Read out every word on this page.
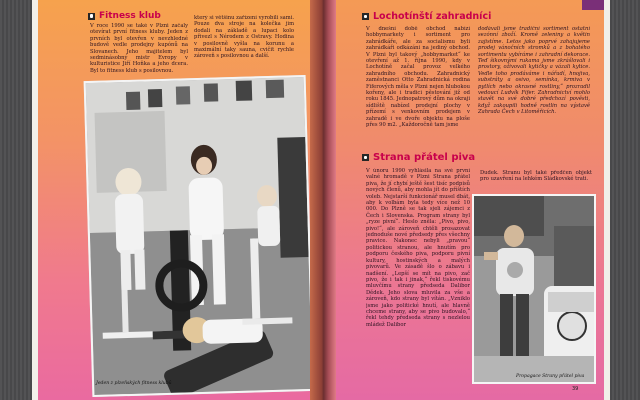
Fitness klub
V roce 1990 se také v Plzni začaly otevírat první fitness kluby. Jeden z prvních byl otevřen v nevzhledné budově vedle prodejny kupónů na Slovanech. Jeho majitelem byl sedminásobný mistr Evropy v kulturistice Jiří Hoňka a jeho dcera. Byl to fitness klub s posilovnou.
který si většinu zařízení vyrobili sami. Pouze dva stroje na kolečka jim dodali na základě a lupaci kolo přivezl s Nérodem z Ostravy. Hodina v posilovně vyšla na korunu a maximální taky sauna, cvičit rychle zároveň s posilovnou a další.
Jeden z plzeňských fitness klubů
Lochotínští zahradníci
V dnešní době obchod nabízí hobbymarkety i sortiment pro zahrádkáře, ale za socialismu byli zahrádkáři odkázáni na jediný obchod. V Plzni byl takový „hobbymarket“ ke otevření až 1. října 1990, kdy v Lochotíně začal provoz velkého zahradního obchodu. Zahradnický zaměstnanci Otto Zahradnická rodina Fiferových měla v Plzni nejen hlubokou kořeny, ale i tradici pěstování již od roku 1845. Jednopatrový dům na okraji sídliště nabízel prodejní plochy v přízemí s venkovním prodejem v zahradě i ve dvoře objektu na ploše přes 90 m2. „Každoročně tam jsme
dodávali jsme tradiční sortiment ostatní sezónní zboží. Kromě zeleniny a květin zajistíme. Letos jako poprvé zahajujeme prodej vánočních stromků a z bohatého sortimentu vybíráme i zahradní dekorace. Teď šikovnými rukama jsme zkrášlovali i prostory, oživovali kytičky a vázali kytice. Vedle toho prodáváme i nářadí, hnojiva, substráty a osivo, semínka, krmiva v pytlích nebo okrasné rostliny,“ prozradil vedoucí Ludvík Fifer. Zahradnictví mohlo stavět na své dobré předchozí pověsti, když zakoupili hodně rostlin na výstavě Zahrada Čech v Litoměřicích.
Strana přátel piva
V únoru 1990 vyhlásila na své první valné hromadě v Plzni Strana přátel piva, že jí chybí ještě šest tisíc podpisů nových členů, aby mohla jít do příštích voleb. Nejstarší funkcionář musel dbát, aby k volbám byla tedy více než 10 000. Do Plzně se tak sjeli zájemci z Čech i Slovenska. Program strany byl „ryze pivní“. Heslo zněla: „Pivo, pivo, pivo!“, ale zároveň chtěli prosazovat jednoduše nové předsedy přes všechny pravice. Nakonec nebyli „pravou“ politickou stranou, ale hnutím pro podporu českého piva, podporu pivní kultury, hostinských a malých pivovarů. Ve zásadě šlo o zábavu i nadšení. „Lepší se mít na pivo, zač pivo, že i tak i jinak,“ řekl tiskovému mluvčímu strany předseda Dalibor Dědek. Jeho slova mluvila za vše a zároveň, kdo strany byl vítán. „Vzniklo jsme jako politické hnutí, ale hlavně chceme strany, aby se pivo budovalo,“ řekl tehdy předseda strany s nezlelou mládež Dalibor
Dudek. Stranu byl také předčen objekt pro uzavření na lehkém Sládkovské trati.
Propagace Strany přátel piva
39
